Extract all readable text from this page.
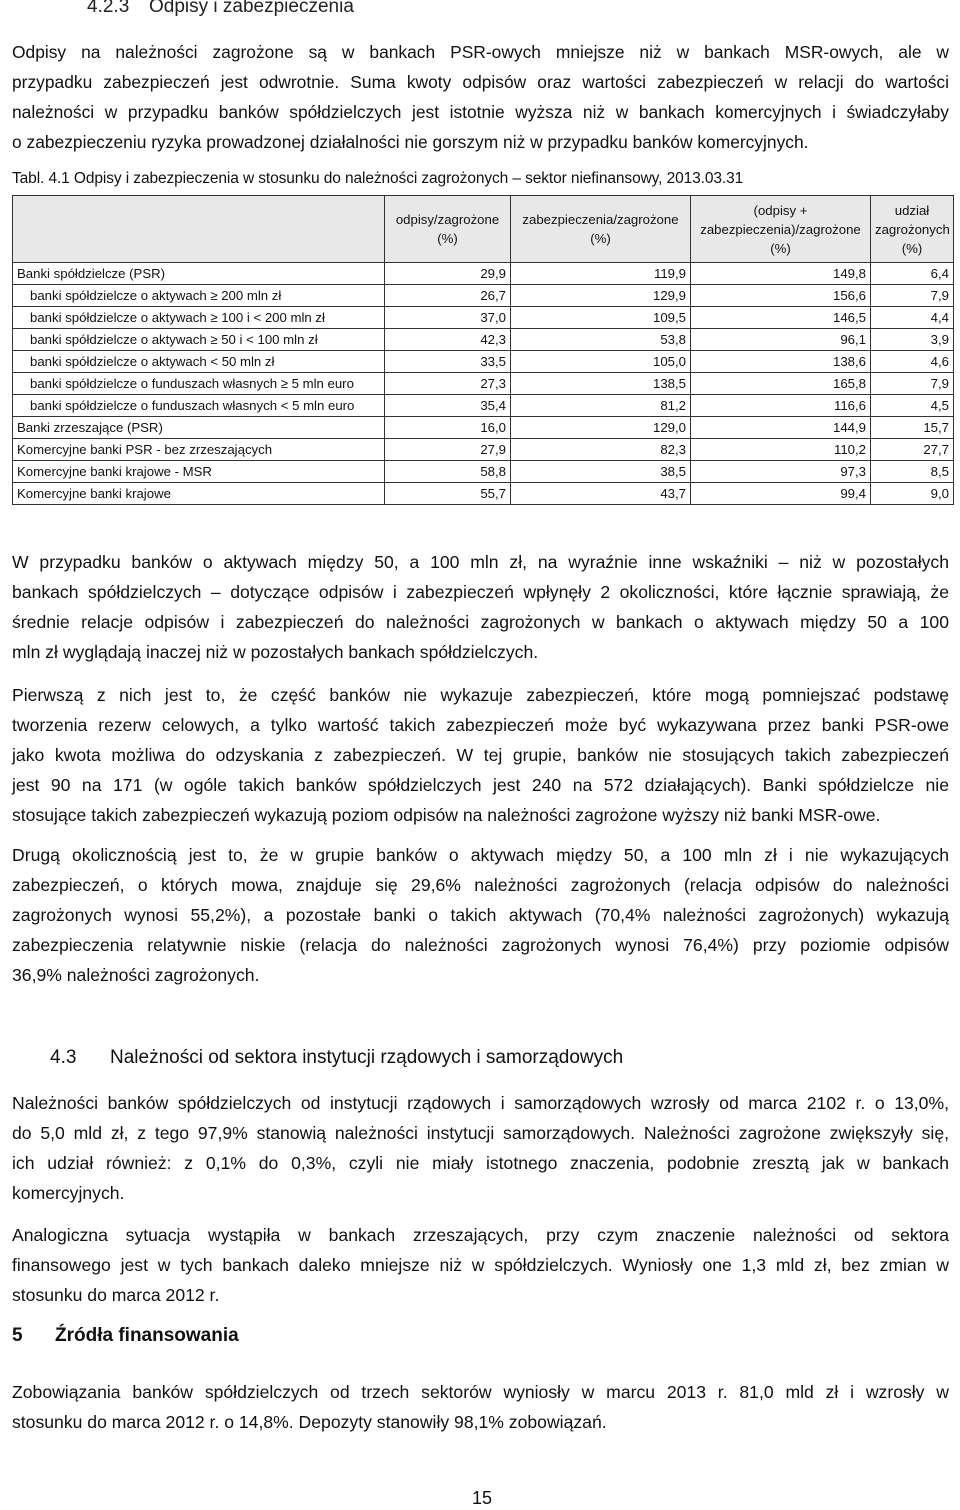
4.2.3 Odpisy i zabezpieczenia
Odpisy na należności zagrożone są w bankach PSR-owych mniejsze niż w bankach MSR-owych, ale w
przypadku zabezpieczeń jest odwrotnie. Suma kwoty odpisów oraz wartości zabezpieczeń w relacji do wartości
należności w przypadku banków spółdzielczych jest istotnie wyższa niż w bankach komercyjnych i świadczyłaby
o zabezpieczeniu ryzyka prowadzonej działalności nie gorszym niż w przypadku banków komercyjnych.
Tabl. 4.1 Odpisy i zabezpieczenia w stosunku do należności zagrożonych – sektor niefinansowy, 2013.03.31
	odpisy/zagrożone (%)	zabezpieczenia/zagrożone (%)	(odpisy + zabezpieczenia)/zagrożone (%)	udział zagrożonych (%)
Banki spółdzielcze (PSR)	29,9	119,9	149,8	6,4
banki spółdzielcze o aktywach ≥ 200 mln zł	26,7	129,9	156,6	7,9
banki spółdzielcze o aktywach ≥ 100 i < 200 mln zł	37,0	109,5	146,5	4,4
banki spółdzielcze o aktywach ≥ 50 i < 100 mln zł	42,3	53,8	96,1	3,9
banki spółdzielcze o aktywach < 50 mln zł	33,5	105,0	138,6	4,6
banki spółdzielcze o funduszach własnych ≥ 5 mln euro	27,3	138,5	165,8	7,9
banki spółdzielcze o funduszach własnych < 5 mln euro	35,4	81,2	116,6	4,5
Banki zrzeszające (PSR)	16,0	129,0	144,9	15,7
Komercyjne banki PSR - bez zrzeszających	27,9	82,3	110,2	27,7
Komercyjne banki krajowe - MSR	58,8	38,5	97,3	8,5
Komercyjne banki krajowe	55,7	43,7	99,4	9,0
W przypadku banków o aktywach między 50, a 100 mln zł, na wyraźnie inne wskaźniki – niż w pozostałych
bankach spółdzielczych – dotyczące odpisów i zabezpieczeń wpłynęły 2 okoliczności, które łącznie sprawiają, że
średnie relacje odpisów i zabezpieczeń do należności zagrożonych w bankach o aktywach między 50 a 100
mln zł wyglądają inaczej niż w pozostałych bankach spółdzielczych.
Pierwszą z nich jest to, że część banków nie wykazuje zabezpieczeń, które mogą pomniejszać podstawę
tworzenia rezerw celowych, a tylko wartość takich zabezpieczeń może być wykazywana przez banki PSR-owe
jako kwota możliwa do odzyskania z zabezpieczeń. W tej grupie, banków nie stosujących takich zabezpieczeń
jest 90 na 171 (w ogóle takich banków spółdzielczych jest 240 na 572 działających). Banki spółdzielcze nie
stosujące takich zabezpieczeń wykazują poziom odpisów na należności zagrożone wyższy niż banki MSR-owe.
Drugą okolicznością jest to, że w grupie banków o aktywach między 50, a 100 mln zł i nie wykazujących
zabezpieczeń, o których mowa, znajduje się 29,6% należności zagrożonych (relacja odpisów do należności
zagrożonych wynosi 55,2%), a pozostałe banki o takich aktywach (70,4% należności zagrożonych) wykazują
zabezpieczenia relatywnie niskie (relacja do należności zagrożonych wynosi 76,4%) przy poziomie odpisów
36,9% należności zagrożonych.
4.3 Należności od sektora instytucji rządowych i samorządowych
Należności banków spółdzielczych od instytucji rządowych i samorządowych wzrosły od marca 2102 r. o 13,0%,
do 5,0 mld zł, z tego 97,9% stanowią należności instytucji samorządowych. Należności zagrożone zwiększyły się,
ich udział również: z 0,1% do 0,3%, czyli nie miały istotnego znaczenia, podobnie zresztą jak w bankach
komercyjnych.
Analogiczna sytuacja wystąpiła w bankach zrzeszających, przy czym znaczenie należności od sektora
finansowego jest w tych bankach daleko mniejsze niż w spółdzielczych. Wyniosły one 1,3 mld zł, bez zmian w
stosunku do marca 2012 r.
5 Źródła finansowania
Zobowiązania banków spółdzielczych od trzech sektorów wyniosły w marcu 2013 r. 81,0 mld zł i wzrosły w
stosunku do marca 2012 r. o 14,8%. Depozyty stanowiły 98,1% zobowiązań.
15
